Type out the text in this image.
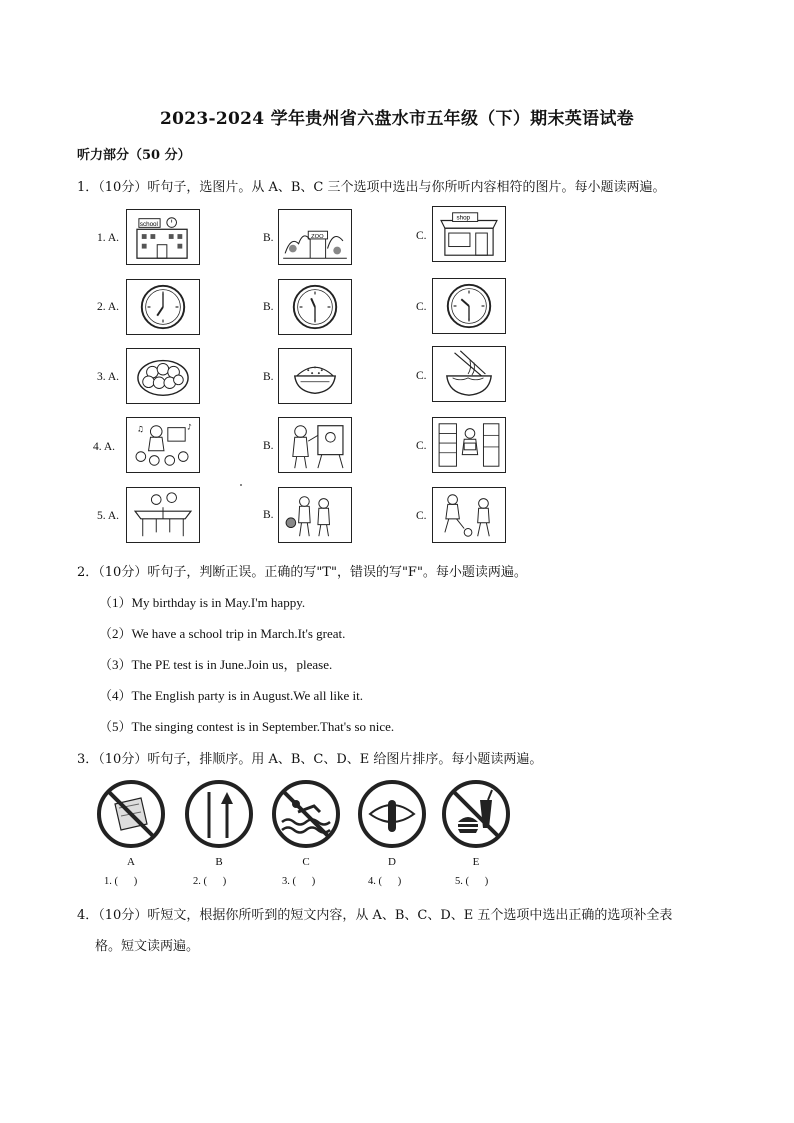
2023-2024 学年贵州省六盘水市五年级（下）期末英语试卷
听力部分（50 分）
1．（10分）听句子，选图片。从 A、B、C 三个选项中选出与你所听内容相符的图片。每小题读两遍。
1. A.	B.	C.
2. A.	B.	C.
3. A.	B.	C.
4. A.	B.	C.
5. A.	B.	C.
school
ZOO
shop
♪
♫
2．（10分）听句子，判断正误。正确的写"T"，错误的写"F"。每小题读两遍。
（1）My birthday is in May.I'm happy.
（2）We have a school trip in March.It's great.
（3）The PE test is in June.Join us，please.
（4）The English party is in August.We all like it.
（5）The singing contest is in September.That's so nice.
3．（10分）听句子，排顺序。用 A、B、C、D、E 给图片排序。每小题读两遍。
A	B	C	D	E
1. (      )	2. (      )	3. (      )	4. (      )	5. (      )
4．（10分）听短文，根据你所听到的短文内容，从 A、B、C、D、E 五个选项中选出正确的选项补全表
格。短文读两遍。
